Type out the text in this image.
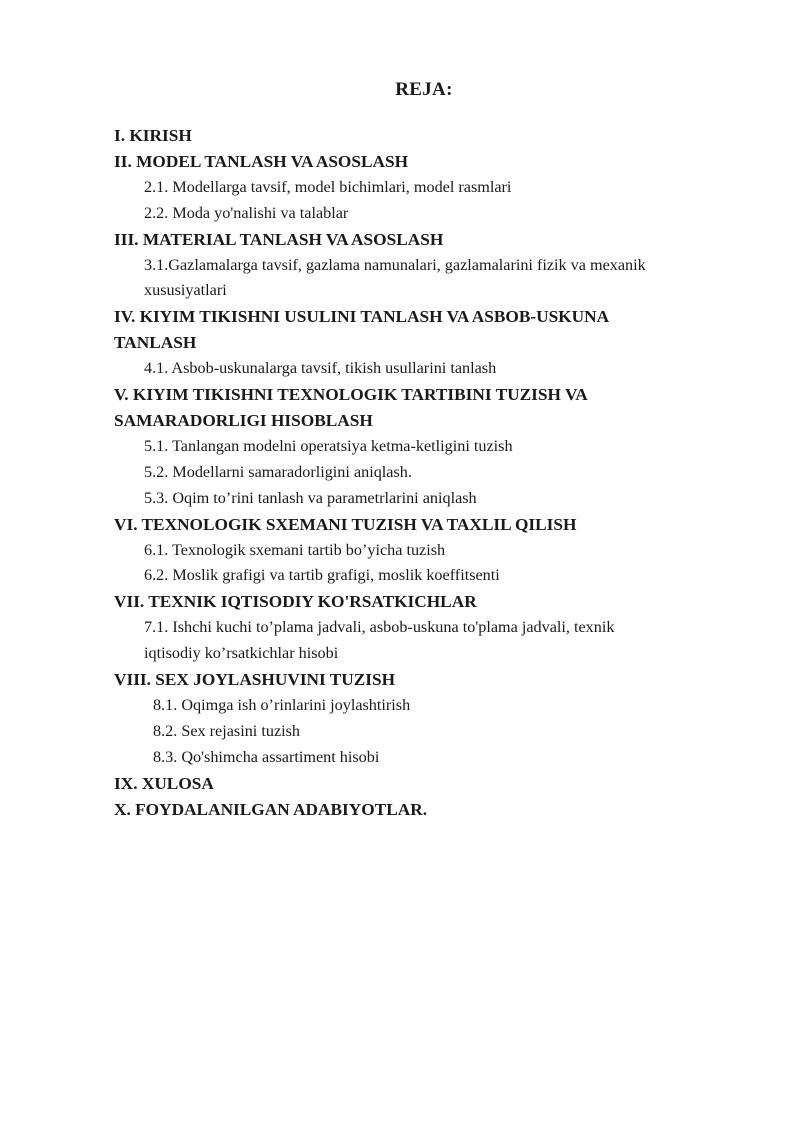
REJA:
I. KIRISH
II. MODEL TANLASH VA ASOSLASH
2.1. Modellarga tavsif, model bichimlari, model rasmlari
2.2. Moda yo'nalishi va talablar
III. MATERIAL TANLASH VA ASOSLASH
3.1.Gazlamalarga tavsif, gazlama namunalari, gazlamalarini fizik va mexanik
xususiyatlari
IV. KIYIM TIKISHNI USULINI TANLASH VA ASBOB-USKUNA
TANLASH
4.1. Asbob-uskunalarga tavsif, tikish usullarini tanlash
V. KIYIM TIKISHNI TEXNOLOGIK TARTIBINI TUZISH VA
SAMARADORLIGI HISOBLASH
5.1. Tanlangan modelni operatsiya ketma-ketligini tuzish
5.2. Modellarni samaradorligini aniqlash.
5.3. Oqim to’rini tanlash va parametrlarini aniqlash
VI. TEXNOLOGIK SXEMANI TUZISH VA TAXLIL QILISH
6.1. Texnologik sxemani tartib bo’yicha tuzish
6.2. Moslik grafigi va tartib grafigi, moslik koeffitsenti
VII. TEXNIK IQTISODIY KO'RSATKICHLAR
7.1. Ishchi kuchi to’plama jadvali, asbob-uskuna to'plama jadvali, texnik
iqtisodiy ko’rsatkichlar hisobi
VIII. SEX JOYLASHUVINI TUZISH
8.1. Oqimga ish o’rinlarini joylashtirish
8.2. Sex rejasini tuzish
8.3. Qo'shimcha assartiment hisobi
IX. XULOSA
X. FOYDALANILGAN ADABIYOTLAR.
